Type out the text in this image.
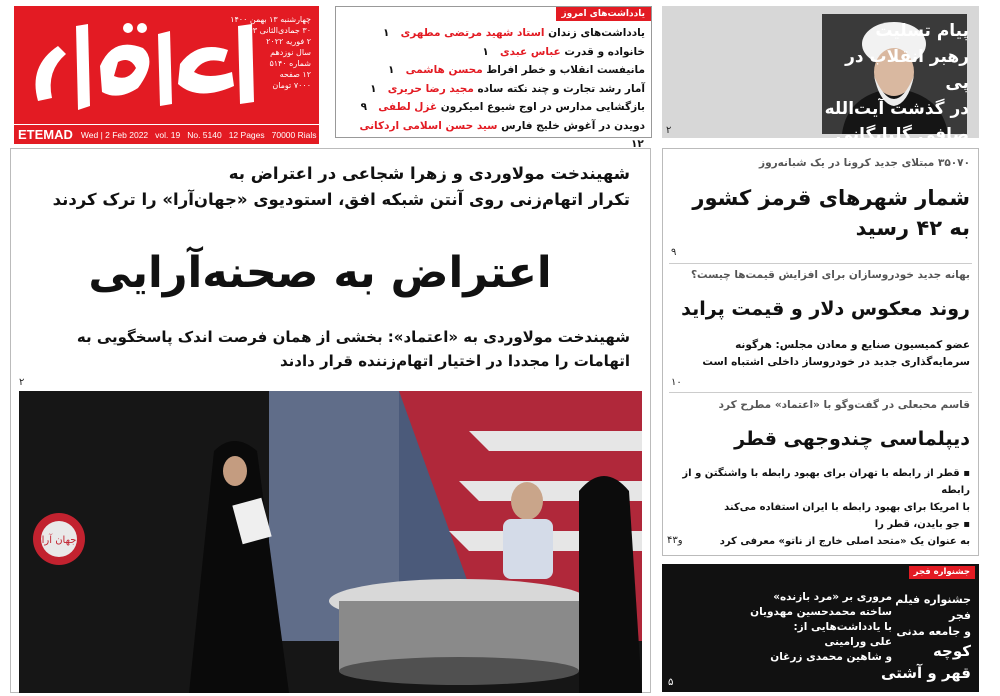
چهارشنبه ۱۳ بهمن ۱۴۰۰
۳۰ جمادی‌الثانی ۱۴۴۳
۲ فوریه ۲۰۲۲
سال نوزدهم
شماره ۵۱۴۰
۱۲ صفحه
۷۰۰۰ تومان
ETEMAD Wed | 2 Feb 2022 vol. 19 No. 5140 12 Pages 70000 Rials
یادداشت‌های امروز
یادداشت‌های زندان استاد شهید مرتضی مطهری ۱
خانواده و قدرت عباس عبدی ۱
مانیفست انقلاب و خطر افراط محسن هاشمی ۱
آمار رشد تجارت و چند نکته ساده مجید رضا حریری ۱
بازگشایی مدارس در اوج شیوع امیکرون غزل لطفی ۹
دویدن در آغوش خلیج فارس سید حسن اسلامی اردکانی ۱۲
پیام تسلیت
رهبر انقلاب در پی
در گذشت آیت‌الله
صافی گلپایگانی
۲
شهیندخت مولاوردی و زهرا شجاعی در اعتراض به
تکرار اتهام‌زنی روی آنتن شبکه افق، استودیوی «جهان‌آرا» را ترک کردند
اعتراض به صحنه‌آرایی
شهیندخت مولاوردی به «اعتماد»: بخشی از همان فرصت اندک پاسخگویی به
اتهامات را مجددا در اختیار اتهام‌زننده قرار دادند
۲
جهان آرا
۳۵۰۷۰ مبتلای جدید کرونا در یک شبانه‌روز
شمار شهرهای قرمز کشور
به ۴۲ رسید
۹
بهانه جدید خودروسازان برای افزایش قیمت‌ها چیست؟
روند معکوس دلار و قیمت پراید
عضو کمیسیون صنایع و معادن مجلس: هرگونه
سرمایه‌گذاری جدید در خودروساز داخلی اشتباه است
۱۰
قاسم محبعلی در گفت‌وگو با «اعتماد» مطرح کرد
دیپلماسی چندوجهی قطر
▪ قطر از رابطه با تهران برای بهبود رابطه با واشنگتن و از رابطه
با امریکا برای بهبود رابطه با ایران استفاده می‌کند
▪ جو بایدن، قطر را
به عنوان یک «متحد اصلی خارج از ناتو» معرفی کرد
۴و۳
جشنواره فجر
جشنواره فیلم فجر
و جامعه مدنی
کوچه
قهر و آشتی
مروری بر «مرد بازنده»
ساخته محمدحسین مهدویان
با یادداشت‌هایی از:
علی ورامینی
و شاهین محمدی زرغان
۵
